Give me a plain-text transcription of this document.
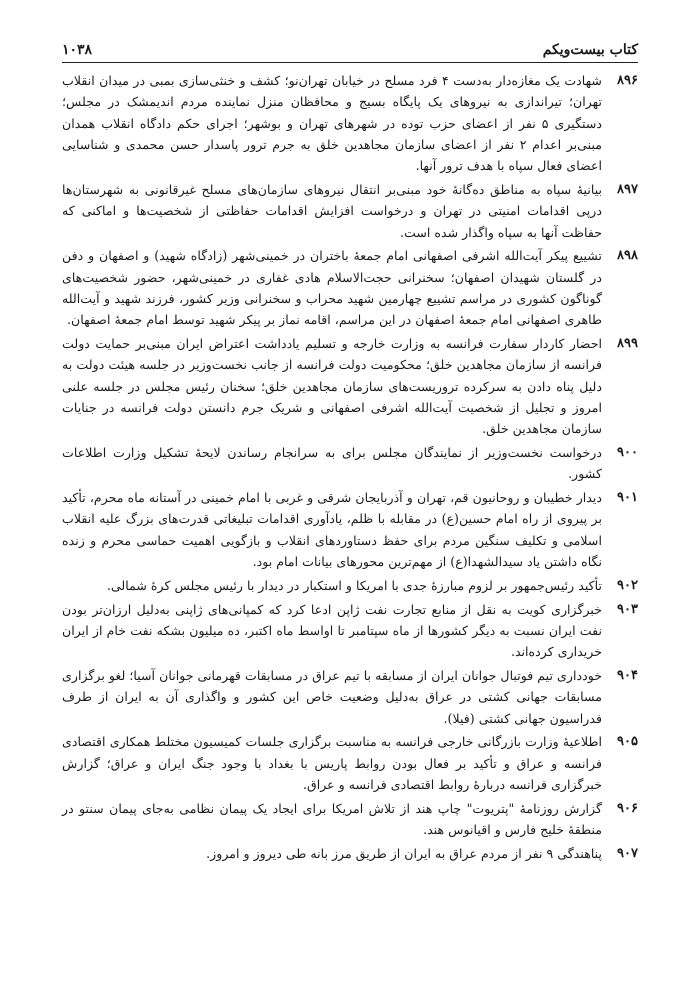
کتاب بیست‌ویکم
۱۰۳۸
۸۹۶
شهادت یک مغازه‌دار به‌دست ۴ فرد مسلح در خیابان تهران‌نو؛ کشف و خنثی‌سازی بمبی در میدان انقلاب تهران؛ تیراندازی به نیروهای یک پایگاه بسیج و محافظان منزل نماینده مردم اندیمشک در مجلس؛ دستگیری ۵ نفر از اعضای حزب توده در شهرهای تهران و بوشهر؛ اجرای حکم دادگاه انقلاب همدان مبنی‌بر اعدام ۲ نفر از اعضای سازمان مجاهدین خلق به جرم ترور پاسدار حسن محمدی و شناسایی اعضای فعال سپاه با هدف ترور آنها.
۸۹۷
بیانیهٔ سپاه به مناطق ده‌گانهٔ خود مبنی‌بر انتقال نیروهای سازمان‌های مسلح غیرقانونی به شهرستان‌ها درپی اقدامات امنیتی در تهران و درخواست افزایش اقدامات حفاظتی از شخصیت‌ها و اماکنی که حفاظت آنها به سپاه واگذار شده است.
۸۹۸
تشییع پیکر آیت‌الله اشرفی اصفهانی امام جمعهٔ باختران در خمینی‌شهر (زادگاه شهید) و اصفهان و دفن در گلستان شهیدان اصفهان؛ سخنرانی حجت‌الاسلام هادی غفاری در خمینی‌شهر، حضور شخصیت‌های گوناگون کشوری در مراسم تشییع چهارمین شهید محراب و سخنرانی وزیر کشور، فرزند شهید و آیت‌الله طاهری اصفهانی امام جمعهٔ اصفهان در این مراسم، اقامه نماز بر پیکر شهید توسط امام جمعهٔ اصفهان.
۸۹۹
احضار کاردار سفارت فرانسه به وزارت خارجه و تسلیم یادداشت اعتراض ایران مبنی‌بر حمایت دولت فرانسه از سازمان مجاهدین خلق؛ محکومیت دولت فرانسه از جانب نخست‌وزیر در جلسه هیئت دولت به دلیل پناه دادن به سرکرده تروریست‌های سازمان مجاهدین خلق؛ سخنان رئیس مجلس در جلسه علنی امروز و تجلیل از شخصیت آیت‌الله اشرفی اصفهانی و شریک جرم دانستن دولت فرانسه در جنایات سازمان مجاهدین خلق.
۹۰۰
درخواست نخست‌وزیر از نمایندگان مجلس برای به سرانجام رساندن لایحهٔ تشکیل وزارت اطلاعات کشور.
۹۰۱
دیدار خطیبان و روحانیون قم، تهران و آذربایجان شرقی و غربی با امام خمینی در آستانه ماه محرم، تأکید بر پیروی از راه امام حسین(ع) در مقابله با ظلم، یادآوری اقدامات تبلیغاتی قدرت‌های بزرگ علیه انقلاب اسلامی و تکلیف سنگین مردم برای حفظ دستاوردهای انقلاب و بازگویی اهمیت حماسی محرم و زنده نگاه داشتن یاد سیدالشهدا(ع) از مهم‌ترین محورهای بیانات امام بود.
۹۰۲
تأکید رئیس‌جمهور بر لزوم مبارزهٔ جدی با امریکا و استکبار در دیدار با رئیس مجلس کرهٔ شمالی.
۹۰۳
خبرگزاری کویت به نقل از منابع تجارت نفت ژاپن ادعا کرد که کمپانی‌های ژاپنی به‌دلیل ارزان‌تر بودن نفت ایران نسبت به دیگر کشورها از ماه سپتامبر تا اواسط ماه اکتبر، ده میلیون بشکه نفت خام از ایران خریداری کرده‌اند.
۹۰۴
خودداری تیم فوتبال جوانان ایران از مسابقه با تیم عراق در مسابقات قهرمانی جوانان آسیا؛ لغو برگزاری مسابقات جهانی کشتی در عراق به‌دلیل وضعیت خاص این کشور و واگذاری آن به ایران از طرف فدراسیون جهانی کشتی (فیلا).
۹۰۵
اطلاعیهٔ وزارت بازرگانی خارجی فرانسه به مناسبت برگزاری جلسات کمیسیون مختلط همکاری اقتصادی فرانسه و عراق و تأکید بر فعال بودن روابط پاریس با بغداد با وجود جنگ ایران و عراق؛ گزارش خبرگزاری فرانسه دربارهٔ روابط اقتصادی فرانسه و عراق.
۹۰۶
گزارش روزنامهٔ "پتریوت" چاپ هند از تلاش امریکا برای ایجاد یک پیمان نظامی به‌جای پیمان سنتو در منطقهٔ خلیج فارس و اقیانوس هند.
۹۰۷
پناهندگی ۹ نفر از مردم عراق به ایران از طریق مرز بانه طی دیروز و امروز.
